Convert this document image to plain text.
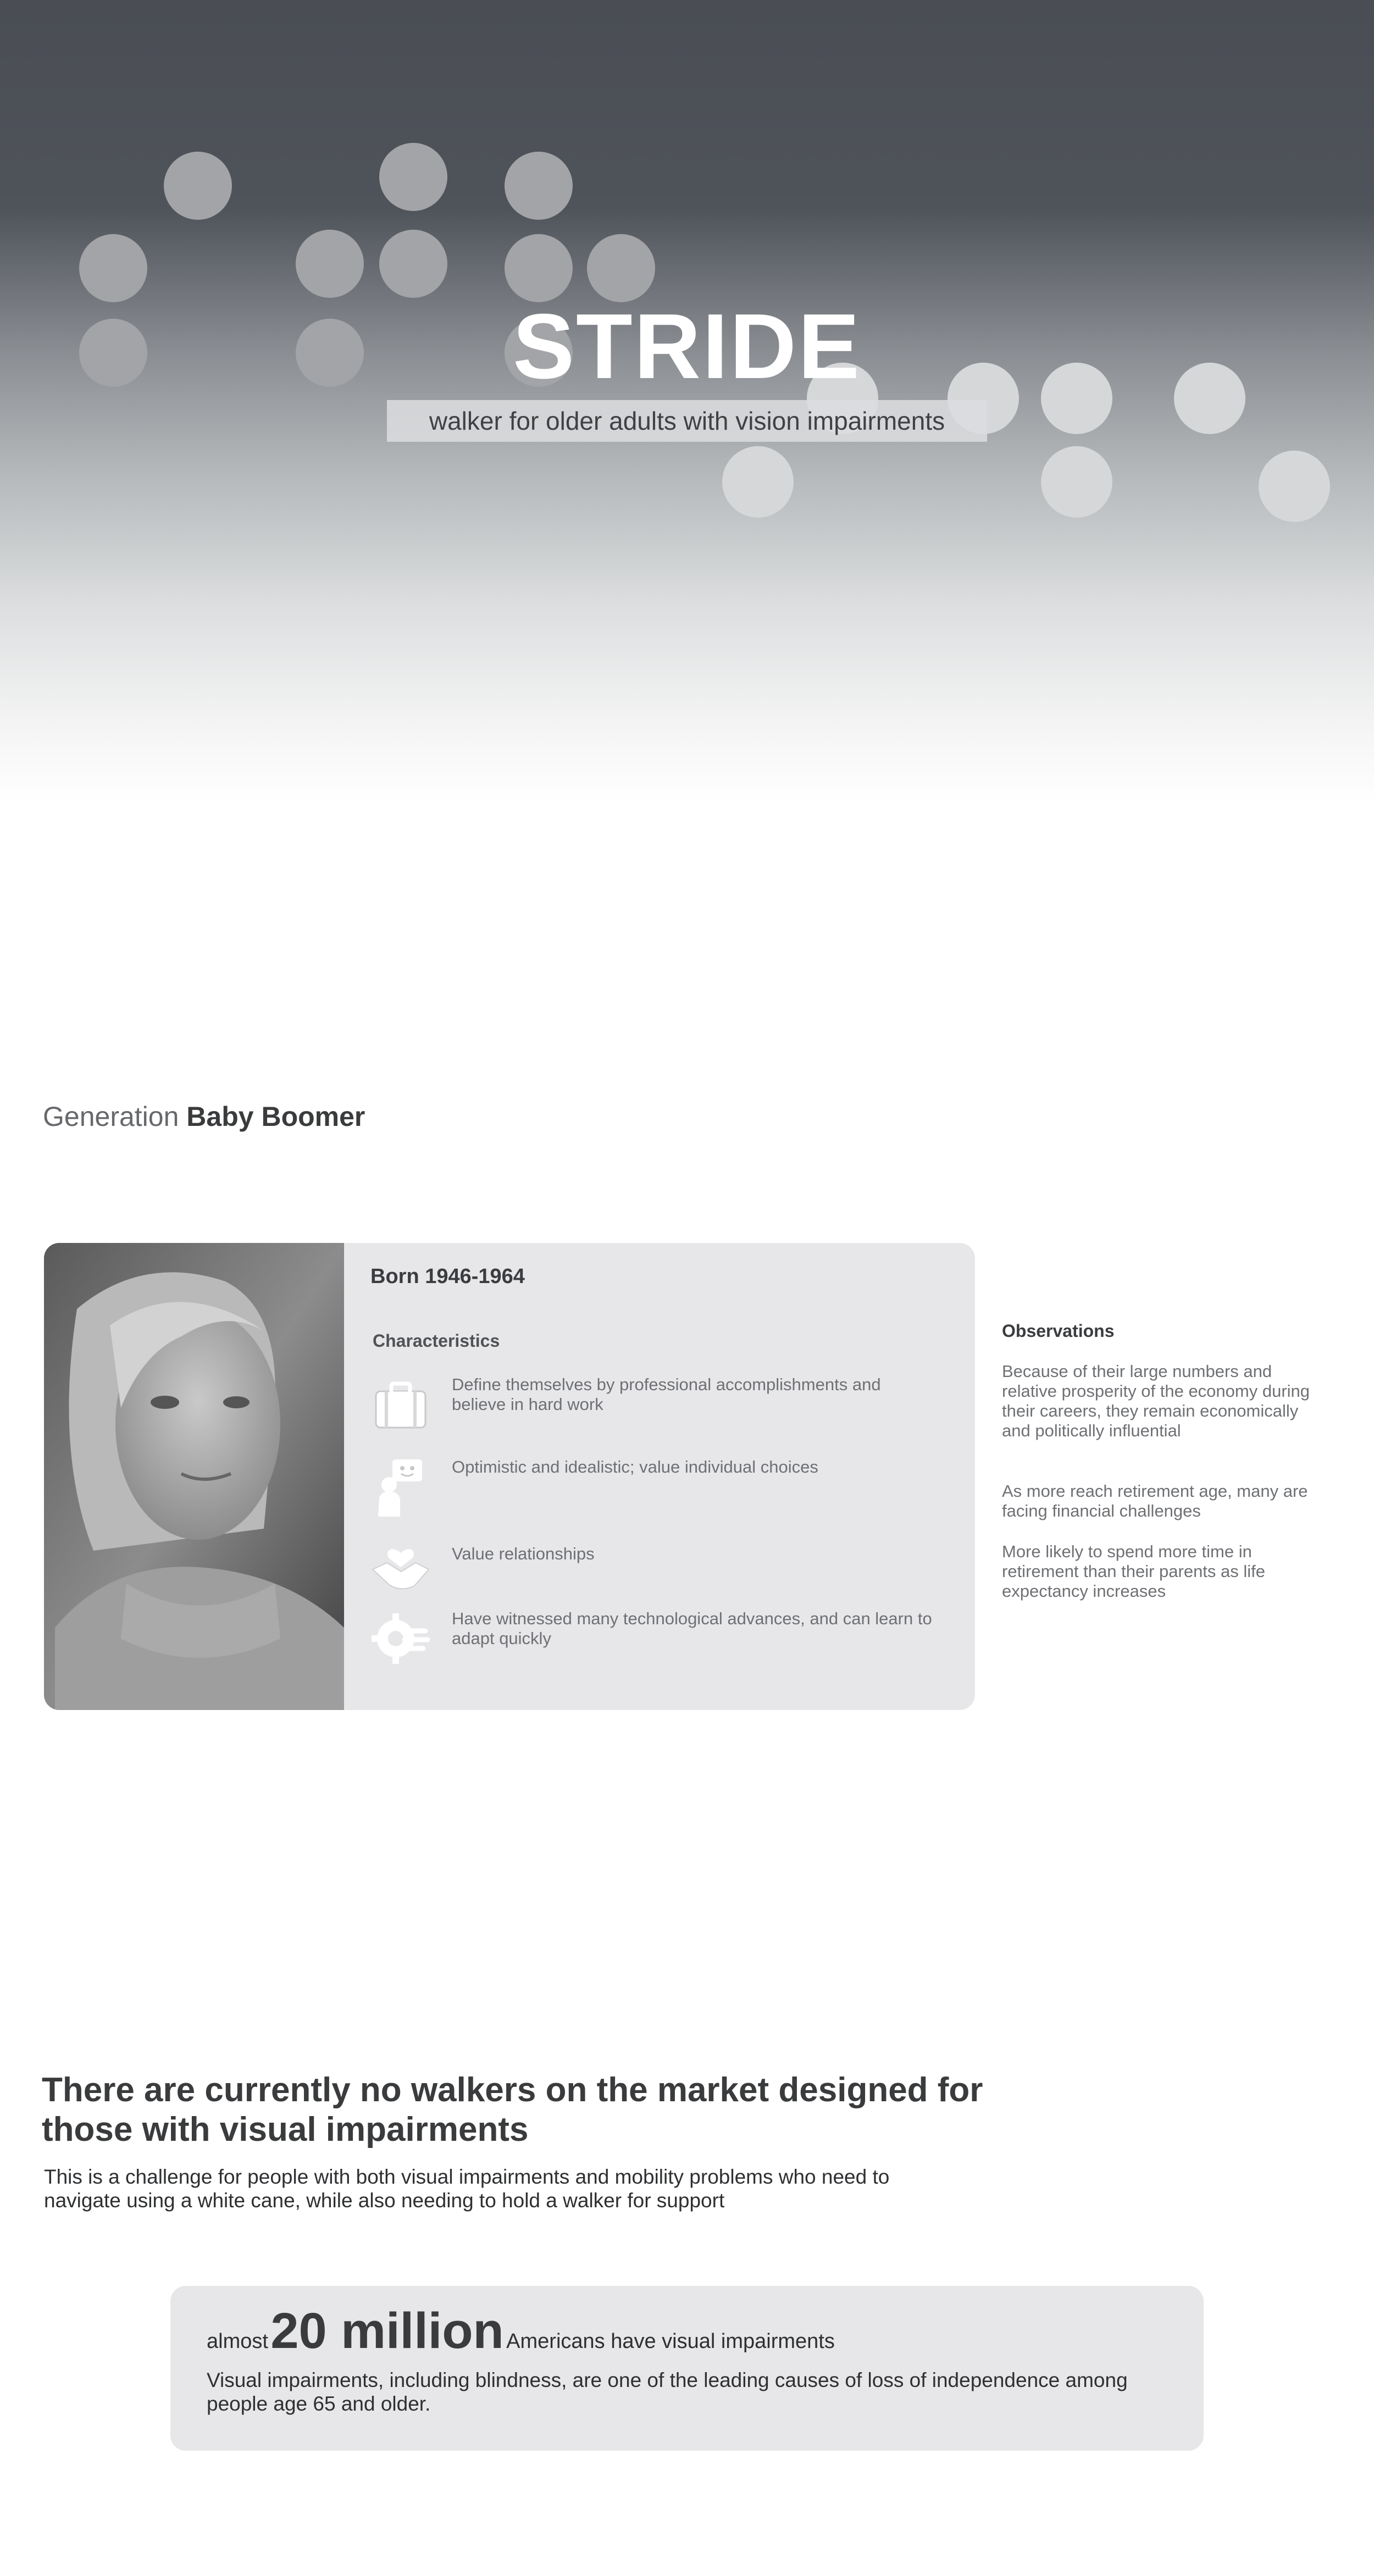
STRIDE
walker for older adults with vision impairments
Generation Baby Boomer
Born 1946-1964
Characteristics
Define themselves by professional accomplishments and believe in hard work
Optimistic and idealistic; value individual choices
Value relationships
Have witnessed many technological advances, and can learn to adapt quickly
Observations

Because of their large numbers and relative prosperity of the economy during their careers, they remain economically and politically influential

As more reach retirement age, many are facing financial challenges

More likely to spend more time in retirement than their parents as life expectancy increases

There are currently no walkers on the market designed for those with visual impairments
This is a challenge for people with both visual impairments and mobility problems who need to navigate using a white cane, while also needing to hold a walker for support
almost 20 million Americans have visual impairments
Visual impairments, including blindness, are one of the leading causes of loss of independence among people age 65 and older.
